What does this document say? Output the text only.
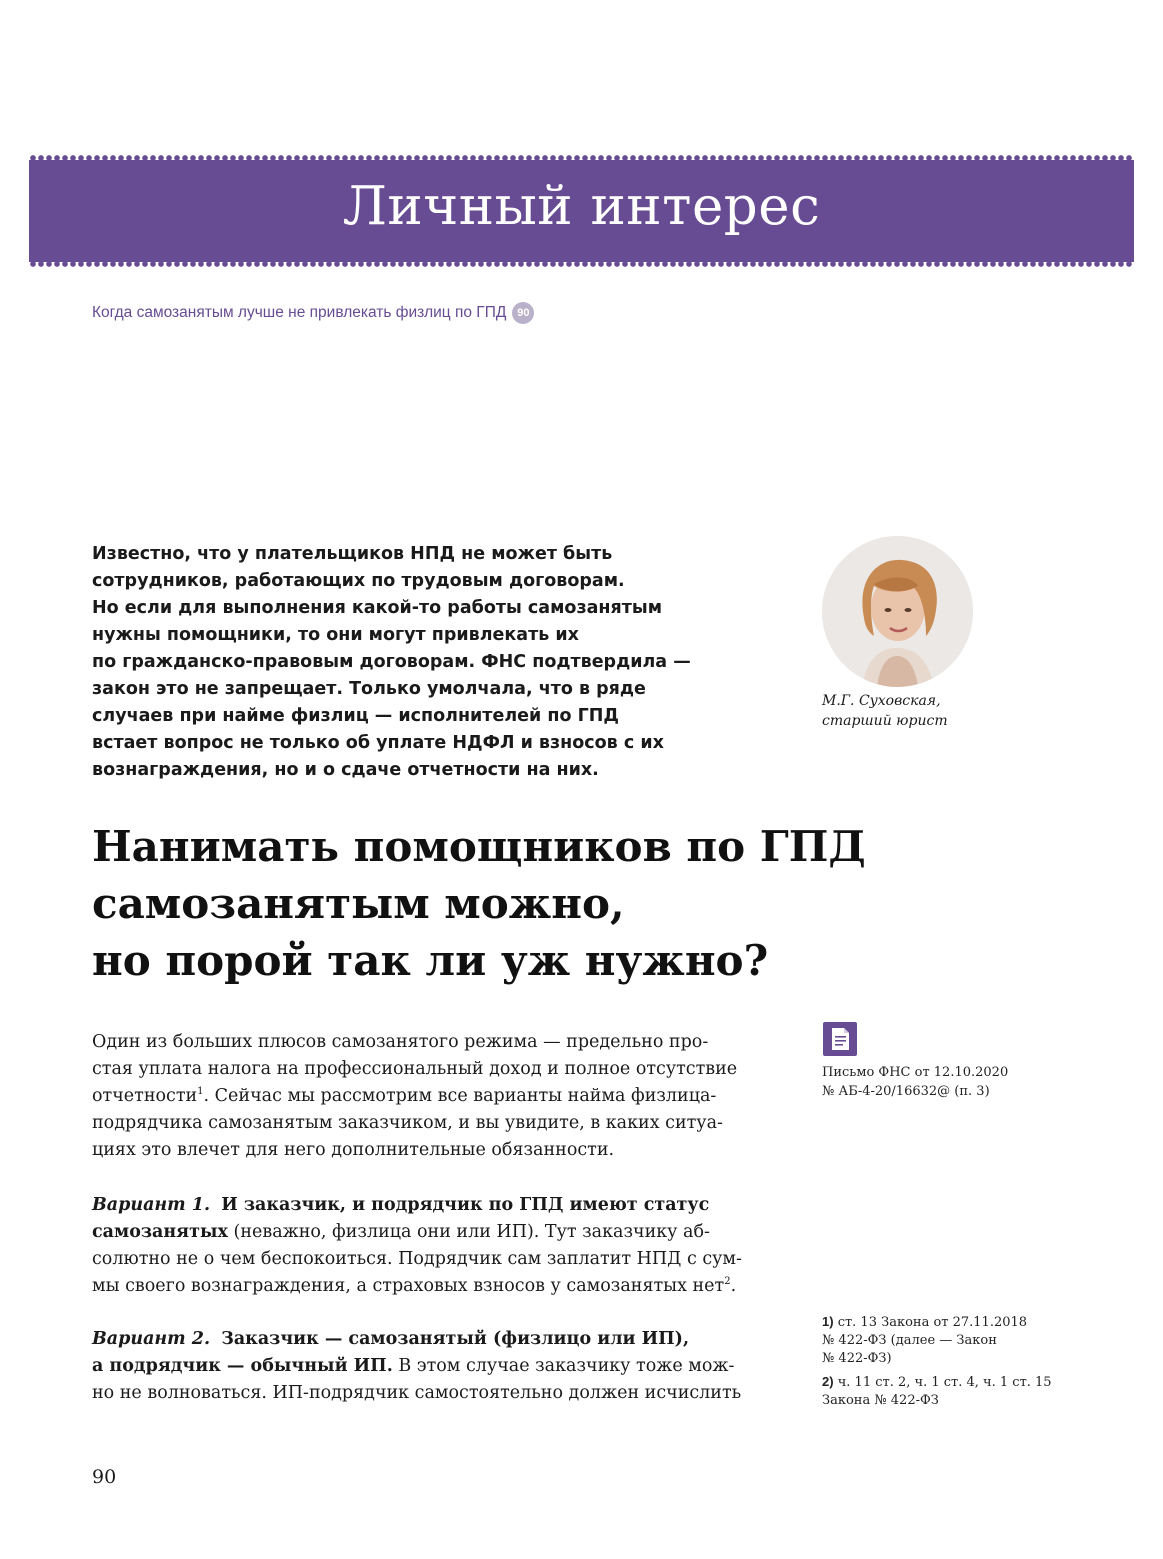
Личный интерес
Когда самозанятым лучше не привлекать физлиц по ГПД 90
Известно, что у плательщиков НПД не может быть
сотрудников, работающих по трудовым договорам.
Но если для выполнения какой-то работы самозанятым
нужны помощники, то они могут привлекать их
по гражданско-правовым договорам. ФНС подтвердила —
закон это не запрещает. Только умолчала, что в ряде
случаев при найме физлиц — исполнителей по ГПД
встает вопрос не только об уплате НДФЛ и взносов с их
вознаграждения, но и о сдаче отчетности на них.
М.Г. Суховская,
старший юрист
Нанимать помощников по ГПД
самозанятым можно,
но порой так ли уж нужно?
Один из больших плюсов самозанятого режима — предельно про-
стая уплата налога на профессиональный доход и полное отсутствие
отчетности$^1$. Сейчас мы рассмотрим все варианты найма физлица-
подрядчика самозанятым заказчиком, и вы увидите, в каких ситуа-
циях это влечет для него дополнительные обязанности.
Вариант 1. И заказчик, и подрядчик по ГПД имеют статус
самозанятых (неважно, физлица они или ИП). Тут заказчику аб-
солютно не о чем беспокоиться. Подрядчик сам заплатит НПД с сум-
мы своего вознаграждения, а страховых взносов у самозанятых нет$^2$.
Вариант 2. Заказчик — самозанятый (физлицо или ИП),
а подрядчик — обычный ИП. В этом случае заказчику тоже мож-
но не волноваться. ИП-подрядчик самостоятельно должен исчислить
Письмо ФНС от 12.10.2020
№ АБ-4-20/16632@ (п. 3)
1) ст. 13 Закона от 27.11.2018
№ 422-ФЗ (далее — Закон
№ 422-ФЗ)
2) ч. 11 ст. 2, ч. 1 ст. 4, ч. 1 ст. 15
Закона № 422-ФЗ
90
